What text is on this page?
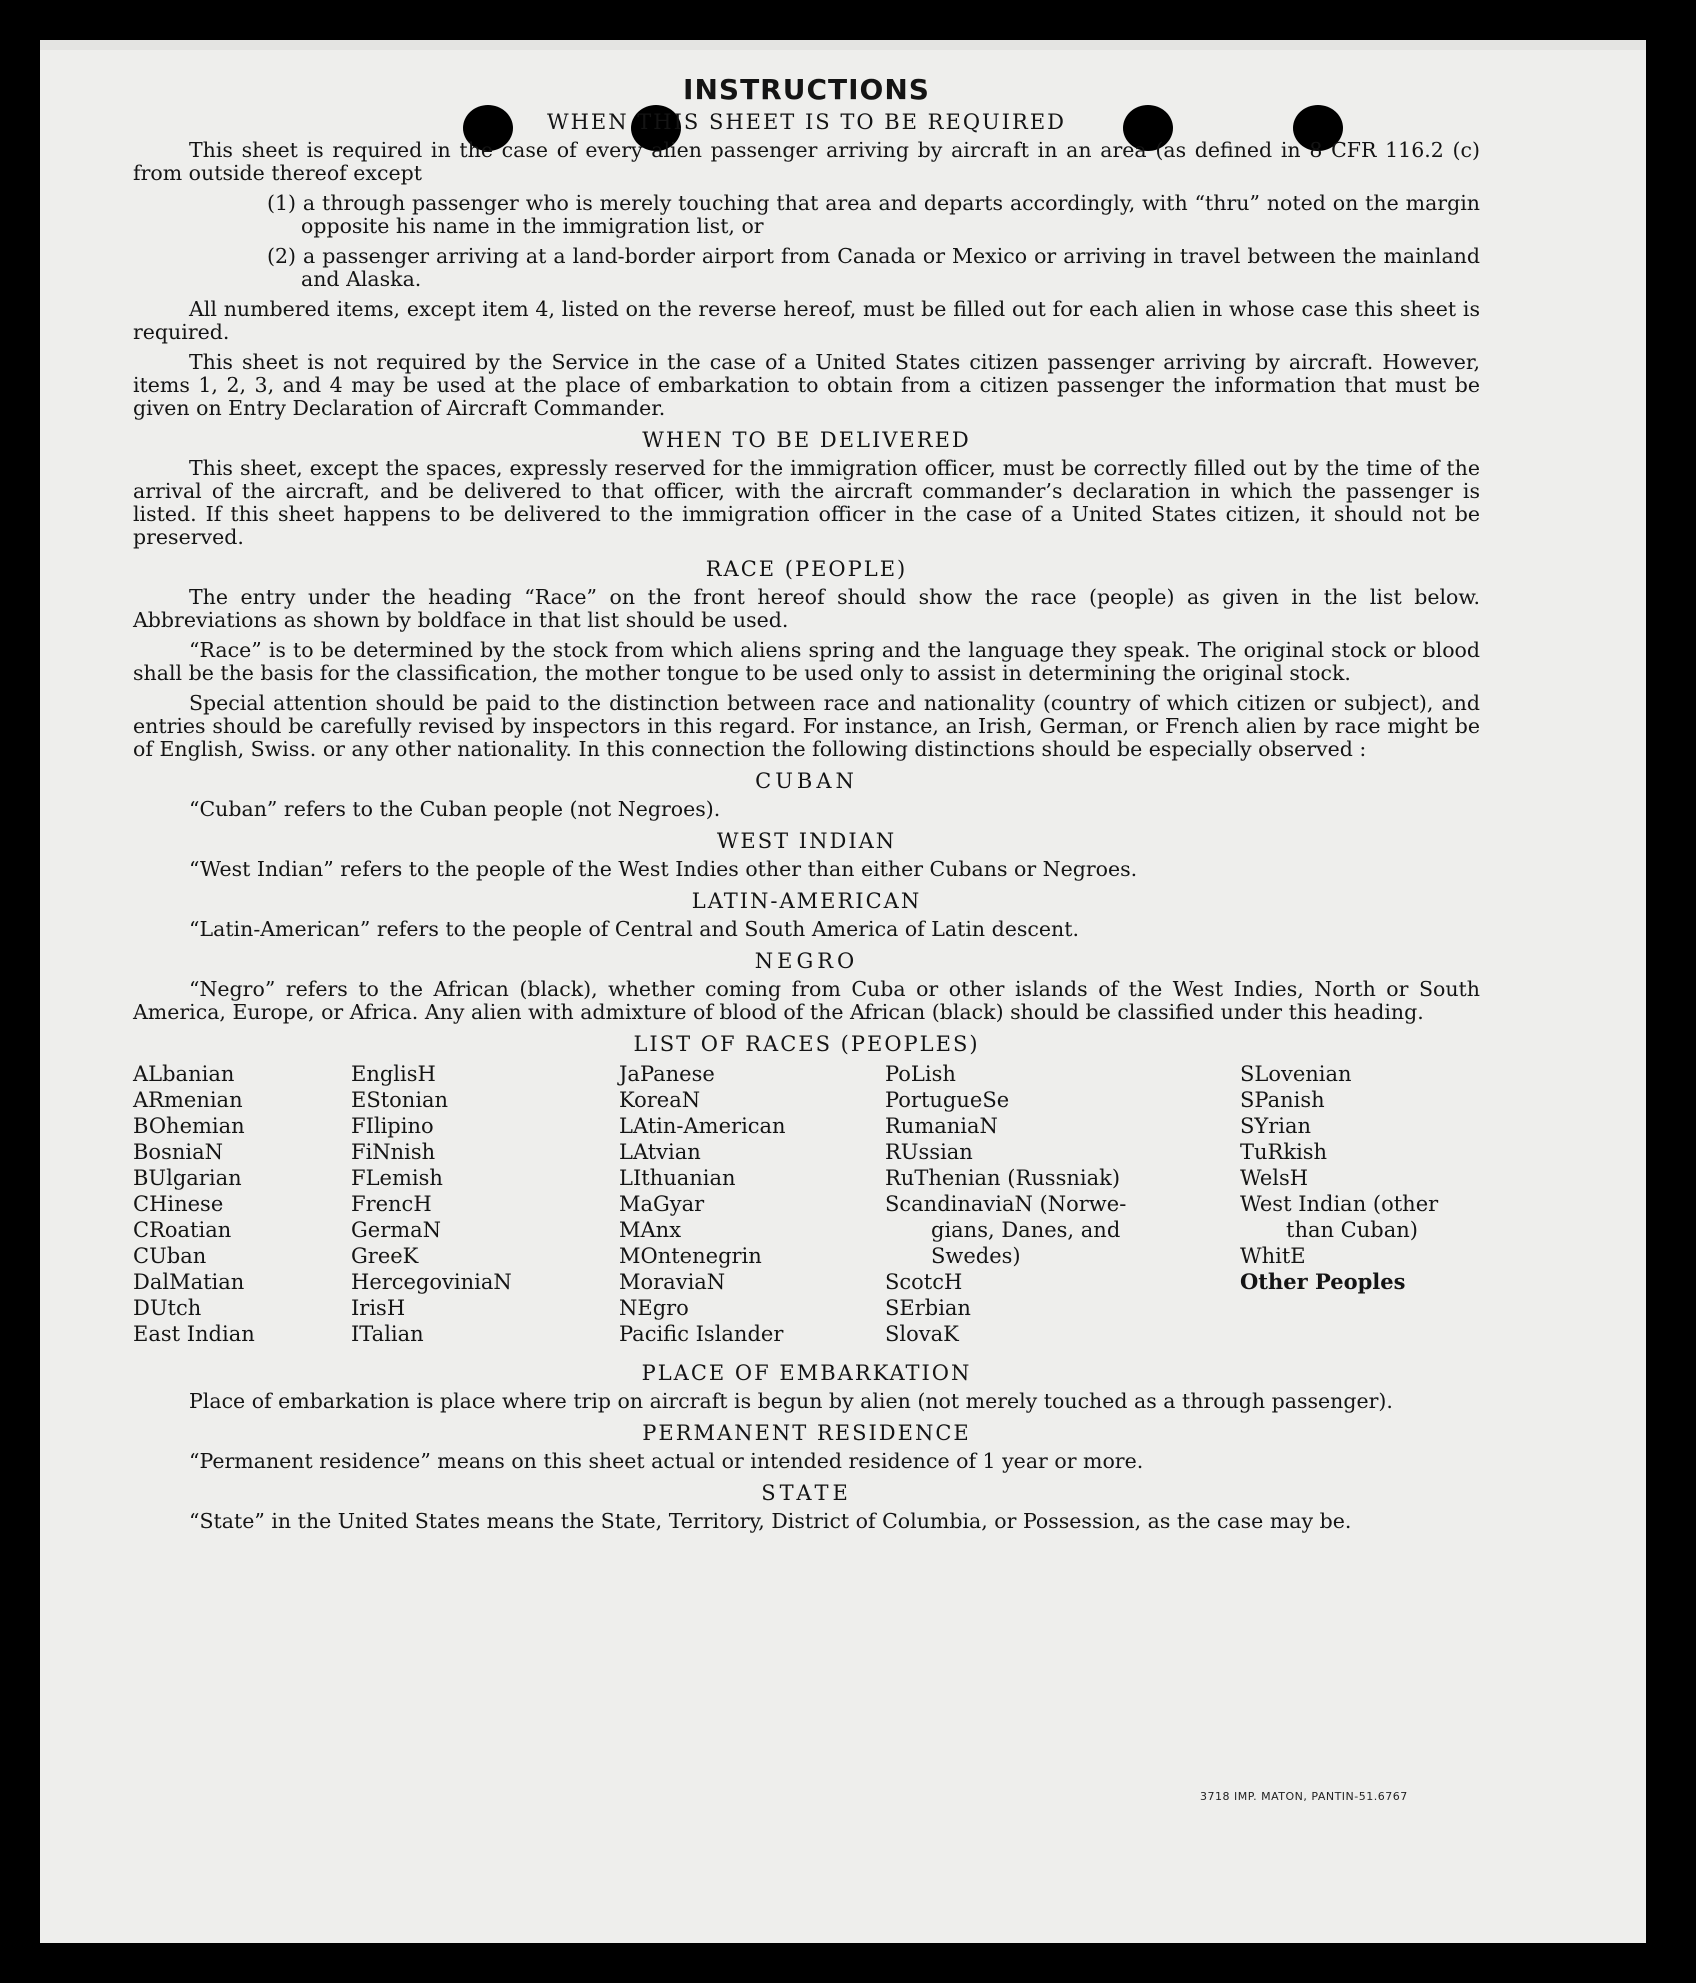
INSTRUCTIONS
WHEN THIS SHEET IS TO BE REQUIRED

This sheet is required in the case of every alien passenger arriving by aircraft in an area (as defined in 8 CFR 116.2 (c) from outside thereof except

(1) a through passenger who is merely touching that area and departs accordingly, with “thru” noted on the margin opposite his name in the immigration list, or
(2) a passenger arriving at a land-border airport from Canada or Mexico or arriving in travel between the mainland and Alaska.

All numbered items, except item 4, listed on the reverse hereof, must be filled out for each alien in whose case this sheet is required.

This sheet is not required by the Service in the case of a United States citizen passenger arriving by aircraft. However, items 1, 2, 3, and 4 may be used at the place of embarkation to obtain from a citizen passenger the information that must be given on Entry Declaration of Aircraft Commander.

WHEN TO BE DELIVERED

This sheet, except the spaces, expressly reserved for the immigration officer, must be correctly filled out by the time of the arrival of the aircraft, and be delivered to that officer, with the aircraft commander’s declaration in which the passenger is listed. If this sheet happens to be delivered to the immigration officer in the case of a United States citizen, it should not be preserved.

RACE (PEOPLE)

The entry under the heading “Race” on the front hereof should show the race (people) as given in the list below. Abbreviations as shown by boldface in that list should be used.

“Race” is to be determined by the stock from which aliens spring and the language they speak. The original stock or blood shall be the basis for the classification, the mother tongue to be used only to assist in determining the original stock.

Special attention should be paid to the distinction between race and nationality (country of which citizen or subject), and entries should be carefully revised by inspectors in this regard. For instance, an Irish, German, or French alien by race might be of English, Swiss. or any other nationality. In this connection the following distinctions should be especially observed :

CUBAN

“Cuban” refers to the Cuban people (not Negroes).

WEST INDIAN

“West Indian” refers to the people of the West Indies other than either Cubans or Negroes.

LATIN-AMERICAN

“Latin-American” refers to the people of Central and South America of Latin descent.

NEGRO

“Negro” refers to the African (black), whether coming from Cuba or other islands of the West Indies, North or South America, Europe, or Africa. Any alien with admixture of blood of the African (black) should be classified under this heading.

LIST OF RACES (PEOPLES)
ALbanian
ARmenian
BOhemian
BosniaN
BUlgarian
CHinese
CRoatian
CUban
DalMatian
DUtch
East Indian
EnglisH
EStonian
FIlipino
FiNnish
FLemish
FrencH
GermaN
GreeK
HercegoviniaN
IrisH
ITalian
JaPanese
KoreaN
LAtin-American
LAtvian
LIthuanian
MaGyar
MAnx
MOntenegrin
MoraviaN
NEgro
Pacific Islander
PoLish
PortugueSe
RumaniaN
RUssian
RuThenian (Russniak)
ScandinaviaN (Norwe-
gians, Danes, and
Swedes)
ScotcH
SErbian
SlovaK
SLovenian
SPanish
SYrian
TuRkish
WelsH
West Indian (other
than Cuban)
WhitE
Other Peoples
PLACE OF EMBARKATION

Place of embarkation is place where trip on aircraft is begun by alien (not merely touched as a through passenger).

PERMANENT RESIDENCE

“Permanent residence” means on this sheet actual or intended residence of 1 year or more.

STATE

“State” in the United States means the State, Territory, District of Columbia, or Possession, as the case may be.

3718 IMP. MATON, PANTIN-51.6767
